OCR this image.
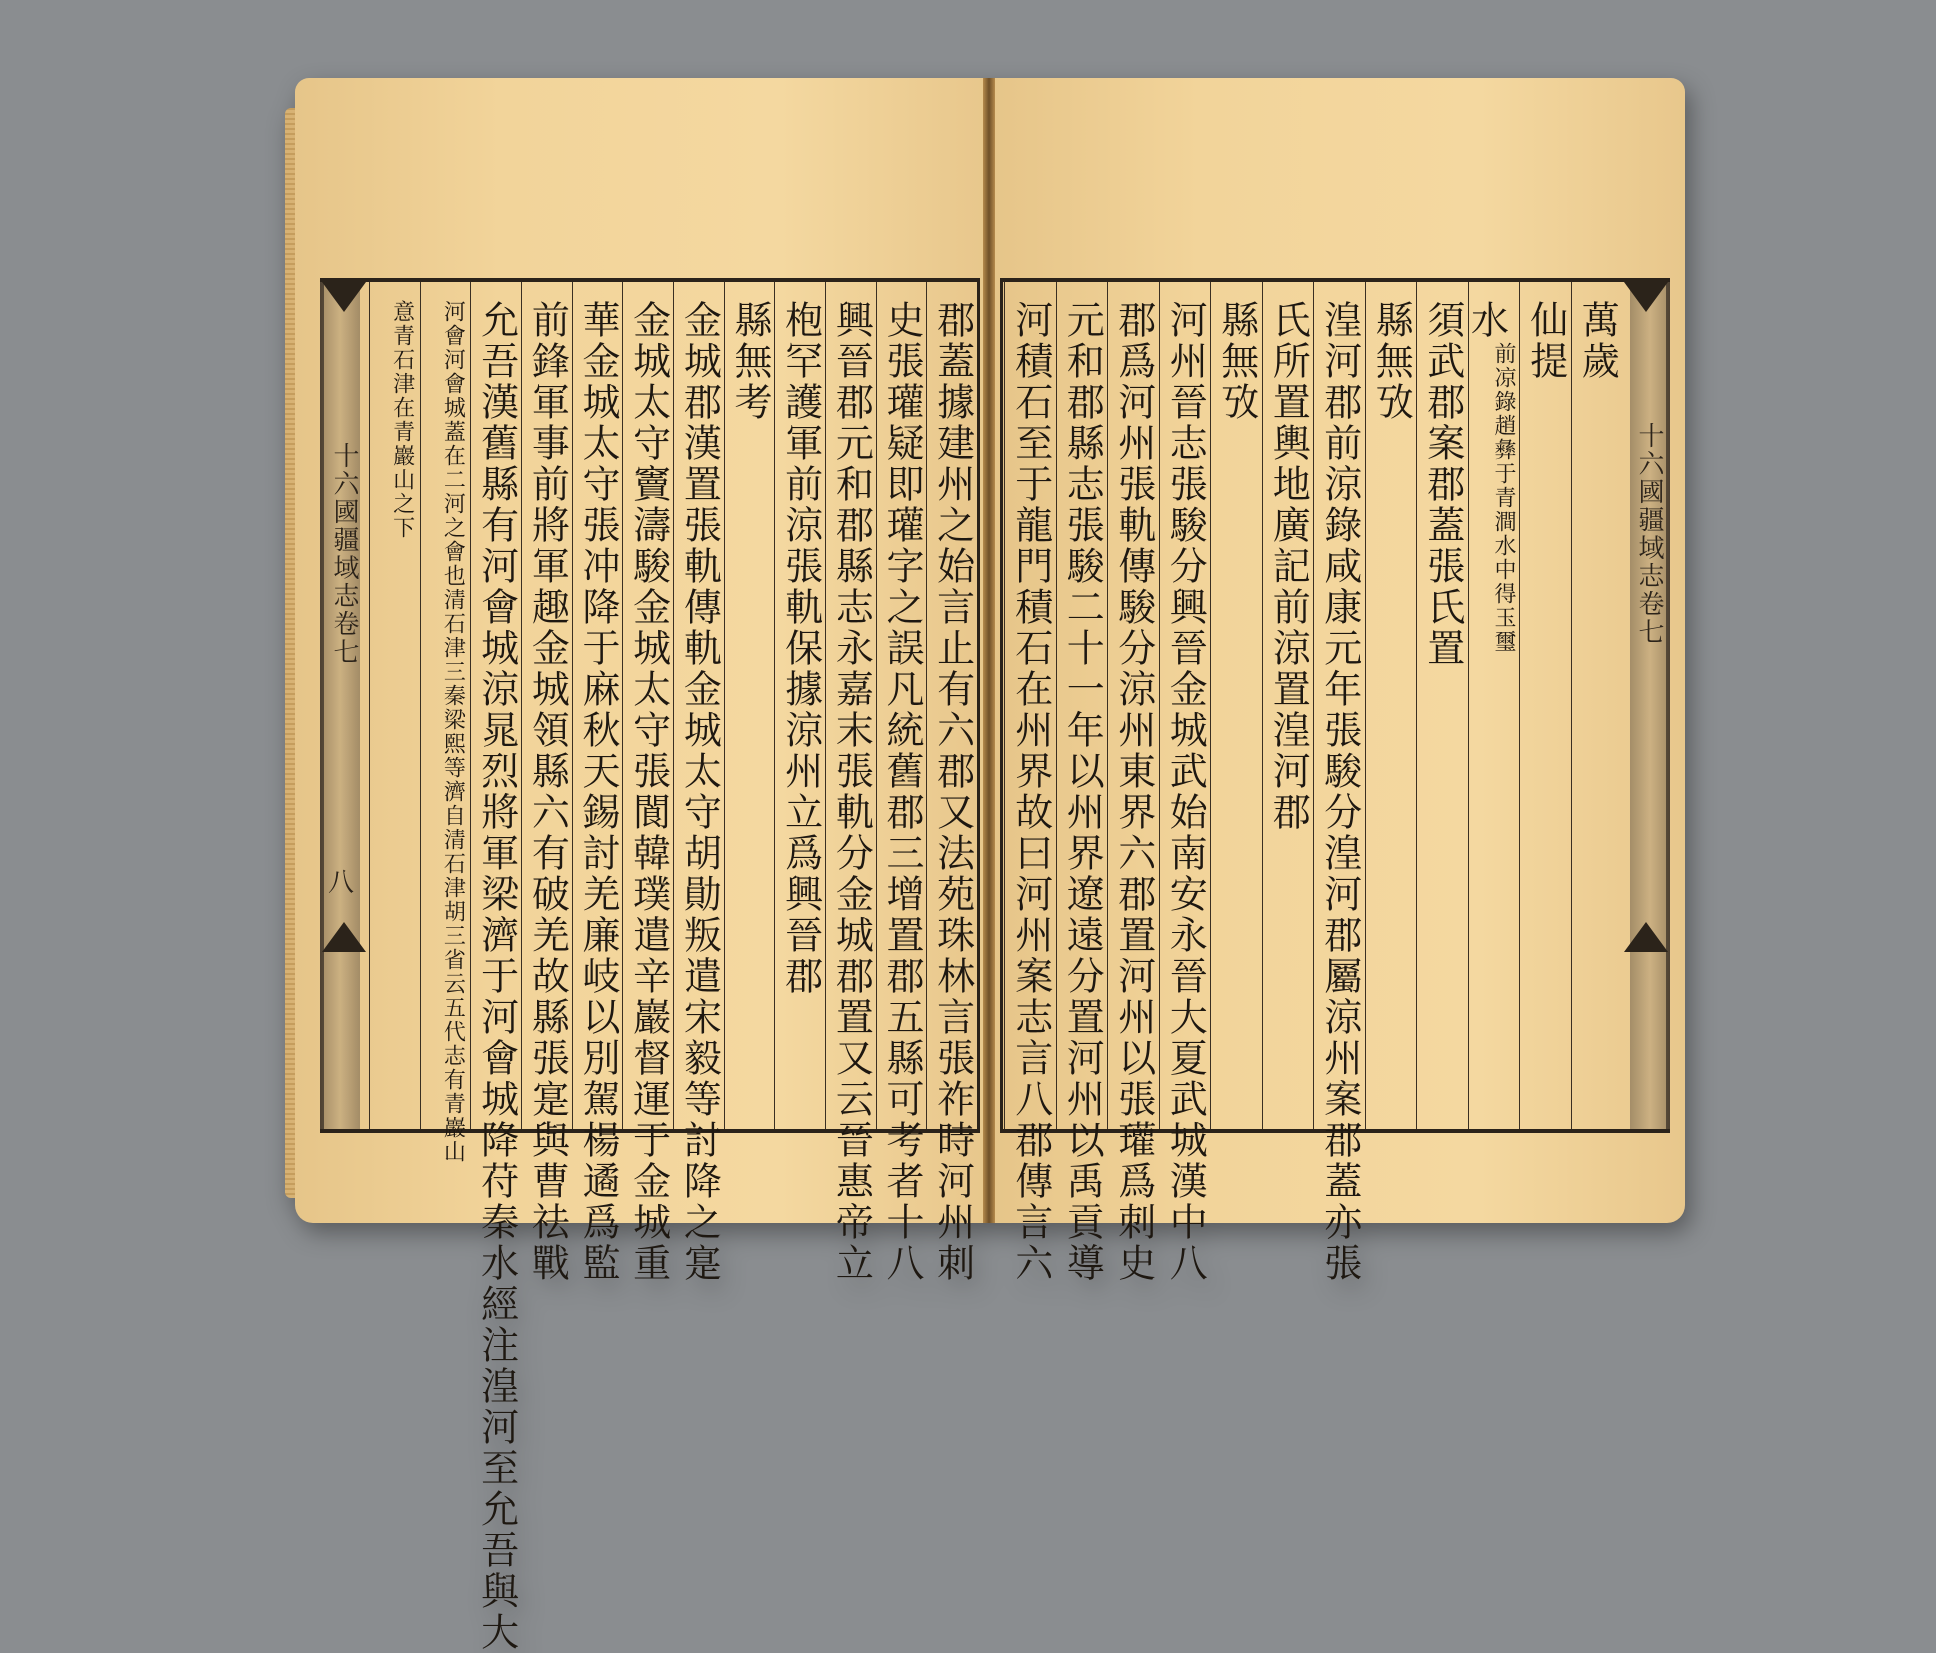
十六國疆域志卷七
萬歲
仙提
水
前凉錄趙彝于青澗水中得玉璽
須武郡案郡蓋張氏置
縣無攷
湟河郡前涼錄咸康元年張駿分湟河郡屬涼州案郡蓋亦張
氏所置輿地廣記前涼置湟河郡
縣無攷
河州晉志張駿分興晉金城武始南安永晉大夏武城漢中八
郡爲河州張軌傳駿分涼州東界六郡置河州以張瓘爲刺史
元和郡縣志張駿二十一年以州界遼遠分置河州以禹貢導
河積石至于龍門積石在州界故曰河州案志言八郡傳言六
十六國疆域志卷七
八	郡蓋據建州之始言止有六郡又法苑珠林言張祚時河州刺
史張瓘疑即瓘字之誤凡統舊郡三增置郡五縣可考者十八
興晉郡元和郡縣志永嘉末張軌分金城郡置又云晉惠帝立
枹罕護軍前涼張軌保據涼州立爲興晉郡
縣無考
金城郡漢置張軌傳軌金城太守胡勛叛遣宋毅等討降之寔
金城太守竇濤駿金城太守張閬韓璞遣辛巖督運于金城重
華金城太守張冲降于麻秋天錫討羌廉岐以別駕楊遹爲監
前鋒軍事前將軍趣金城領縣六有破羌故縣張寔與曹祛戰
允吾漢舊縣有河會城涼晁烈將軍梁濟于河會城降苻秦水經注湟河至允吾與大
河會河會城蓋在二河之會也清石津三秦梁熙等濟自清石津胡三省云五代志有青巖山
意青石津在青巖山之下
